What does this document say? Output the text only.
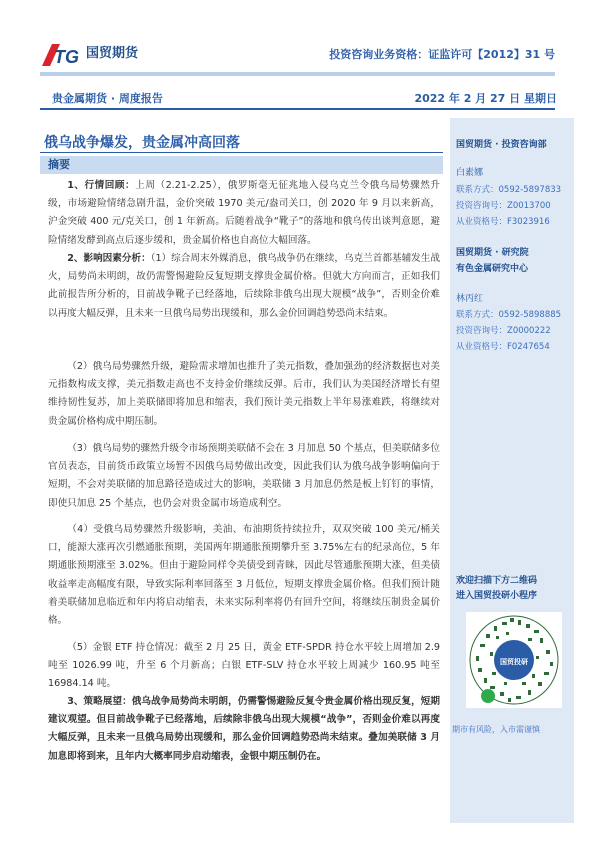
TG 国贸期货	投资咨询业务资格：证监许可【2012】31 号
贵金属期货 · 周度报告	2022 年 2 月 27 日 星期日
国贸期货 · 投资咨询部
白素娜
联系方式：0592-5897833
投资咨询号：Z0013700
从业资格号：F3023916
国贸期货 · 研究院
有色金属研究中心
林丙红
联系方式：0592-5898885
投资咨询号：Z0000222
从业资格号：F0247654
欢迎扫描下方二维码
进入国贸投研小程序
国贸投研
期市有风险，入市需谨慎
俄乌战争爆发，贵金属冲高回落
摘要

1、行情回顾：上周（2.21-2.25），俄罗斯毫无征兆地入侵乌克兰令俄乌局势骤然升级，市场避险情绪急剧升温，金价突破 1970 美元/盎司关口，创 2020 年 9 月以来新高，沪金突破 400 元/克关口，创 1 年新高。后随着战争“靴子”的落地和俄乌传出谈判意愿，避险情绪发酵到高点后逐步缓和，贵金属价格也自高位大幅回落。

2、影响因素分析：（1）综合周末外媒消息，俄乌战争仍在继续，乌克兰首都基辅发生战火，局势尚未明朗，故仍需警惕避险反复短期支撑贵金属价格。但就大方向而言，正如我们此前报告所分析的，目前战争靴子已经落地，后续除非俄乌出现大规模“战争”，否则金价难以再度大幅反弹，且未来一旦俄乌局势出现缓和，那么金价回调趋势恐尚未结束。

（2）俄乌局势骤然升级，避险需求增加也推升了美元指数，叠加强劲的经济数据也对美元指数构成支撑，美元指数走高也不支持金价继续反弹。后市，我们认为美国经济增长有望维持韧性复苏，加上美联储即将加息和缩表，我们预计美元指数上半年易涨难跌，将继续对贵金属价格构成中期压制。

（3）俄乌局势的骤然升级令市场预期美联储不会在 3 月加息 50 个基点，但美联储多位官员表态，目前货币政策立场暂不因俄乌局势做出改变，因此我们认为俄乌战争影响偏向于短期，不会对美联储的加息路径造成过大的影响，美联储 3 月加息仍然是板上钉钉的事情，即使只加息 25 个基点，也仍会对贵金属市场造成利空。

（4）受俄乌局势骤然升级影响，美油、布油期货持续拉升，双双突破 100 美元/桶关口，能源大涨再次引燃通胀预期，美国两年期通胀预期攀升至 3.75%左右的纪录高位，5 年期通胀预期涨至 3.02%。但由于避险同样令美债受到青睐，因此尽管通胀预期大涨，但美债收益率走高幅度有限，导致实际利率回落至 3 月低位，短期支撑贵金属价格。但我们预计随着美联储加息临近和年内将启动缩表，未来实际利率将仍有回升空间，将继续压制贵金属价格。

（5）金银 ETF 持仓情况：截至 2 月 25 日，黄金 ETF-SPDR 持仓水平较上周增加 2.9 吨至 1026.99 吨，升至 6 个月新高；白银 ETF-SLV 持仓水平较上周减少 160.95 吨至 16984.14 吨。

3、策略展望：俄乌战争局势尚未明朗，仍需警惕避险反复令贵金属价格出现反复，短期建议观望。但目前战争靴子已经落地，后续除非俄乌出现大规模“战争”，否则金价难以再度大幅反弹，且未来一旦俄乌局势出现缓和，那么金价回调趋势恐尚未结束。叠加美联储 3 月加息即将到来，且年内大概率同步启动缩表，金银中期压制仍在。
